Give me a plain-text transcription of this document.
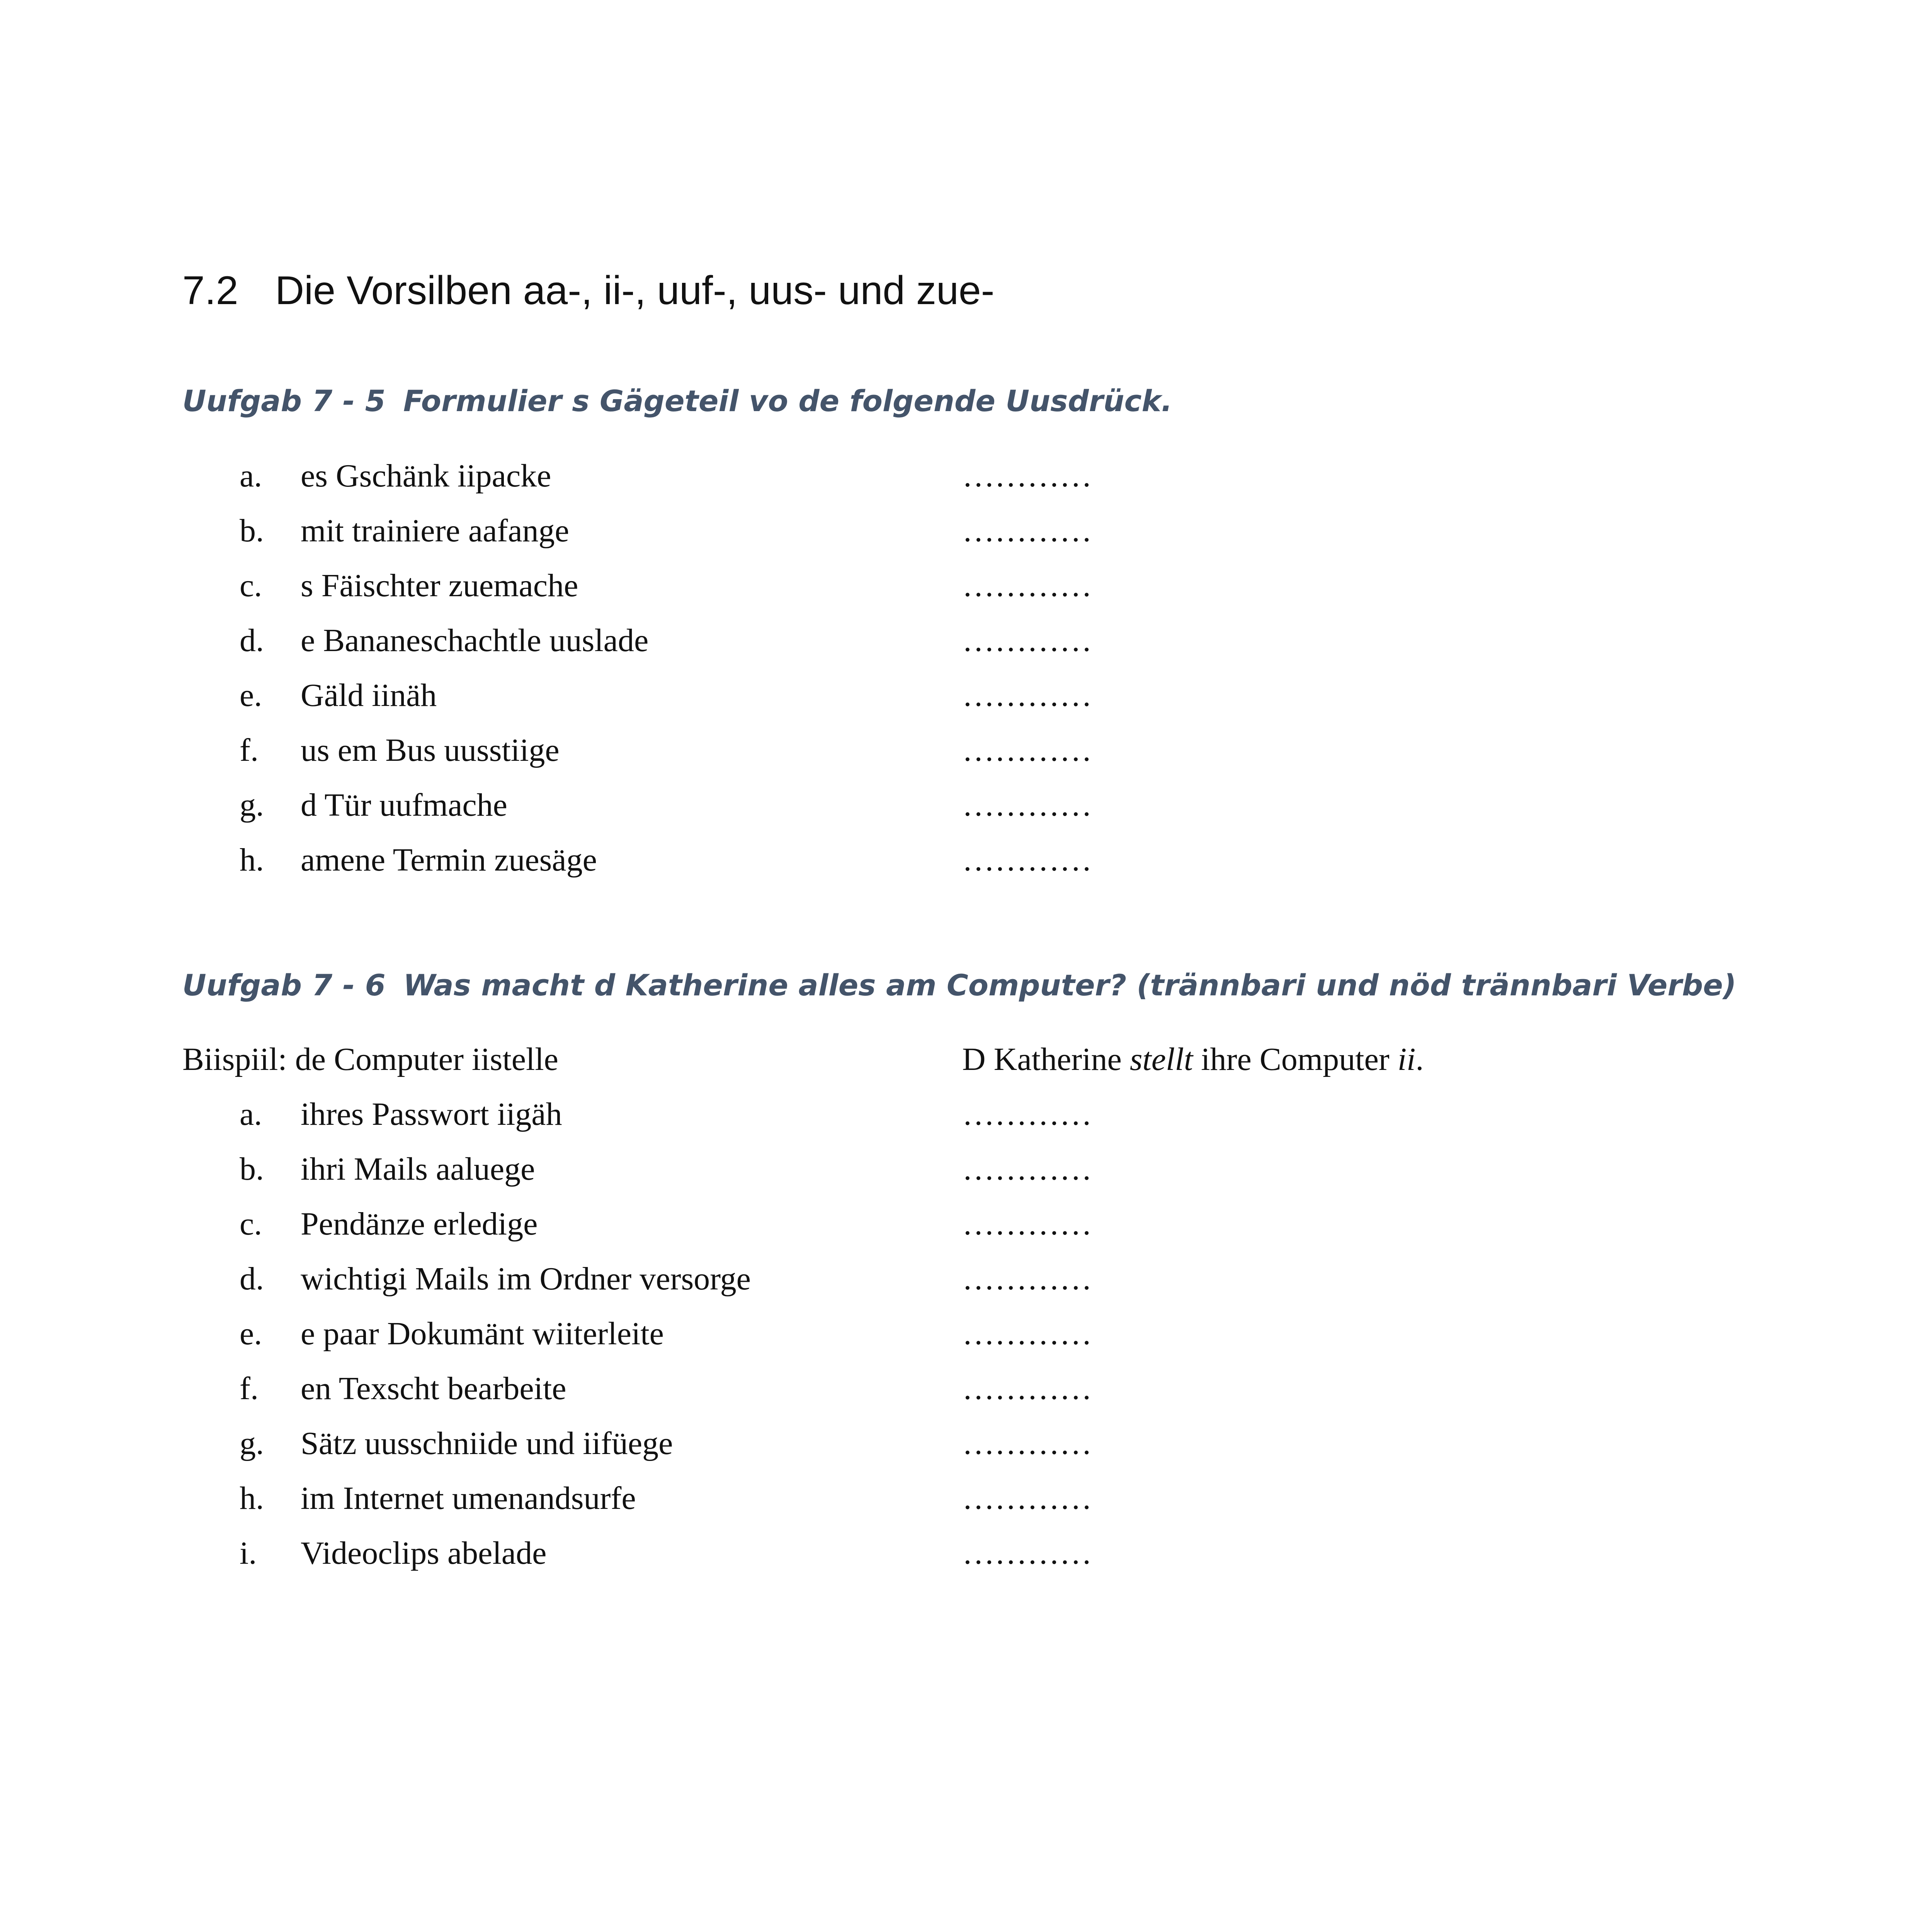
7.2 Die Vorsilben aa-, ii-, uuf-, uus- und zue-
Uufgab 7 - 5 Formulier s Gägeteil vo de folgende Uusdrück.
a. es Gschänk iipacke	…………
b. mit trainiere aafange	…………
c. s Fäischter zuemache	…………
d. e Bananeschachtle uuslade	…………
e. Gäld iinäh	…………
f. us em Bus uusstiige	…………
g. d Tür uufmache	…………
h. amene Termin zuesäge	…………
Uufgab 7 - 6 Was macht d Katherine alles am Computer? (trännbari und nöd trännbari Verbe)
Biispiil: de Computer iistelle	D Katherine stellt ihre Computer ii.
a. ihres Passwort iigäh	…………
b. ihri Mails aaluege	…………
c. Pendänze erledige	…………
d. wichtigi Mails im Ordner versorge	…………
e. e paar Dokumänt wiiterleite	…………
f. en Texscht bearbeite	…………
g. Sätz uusschniide und iifüege	…………
h. im Internet umenandsurfe	…………
i. Videoclips abelade	…………
